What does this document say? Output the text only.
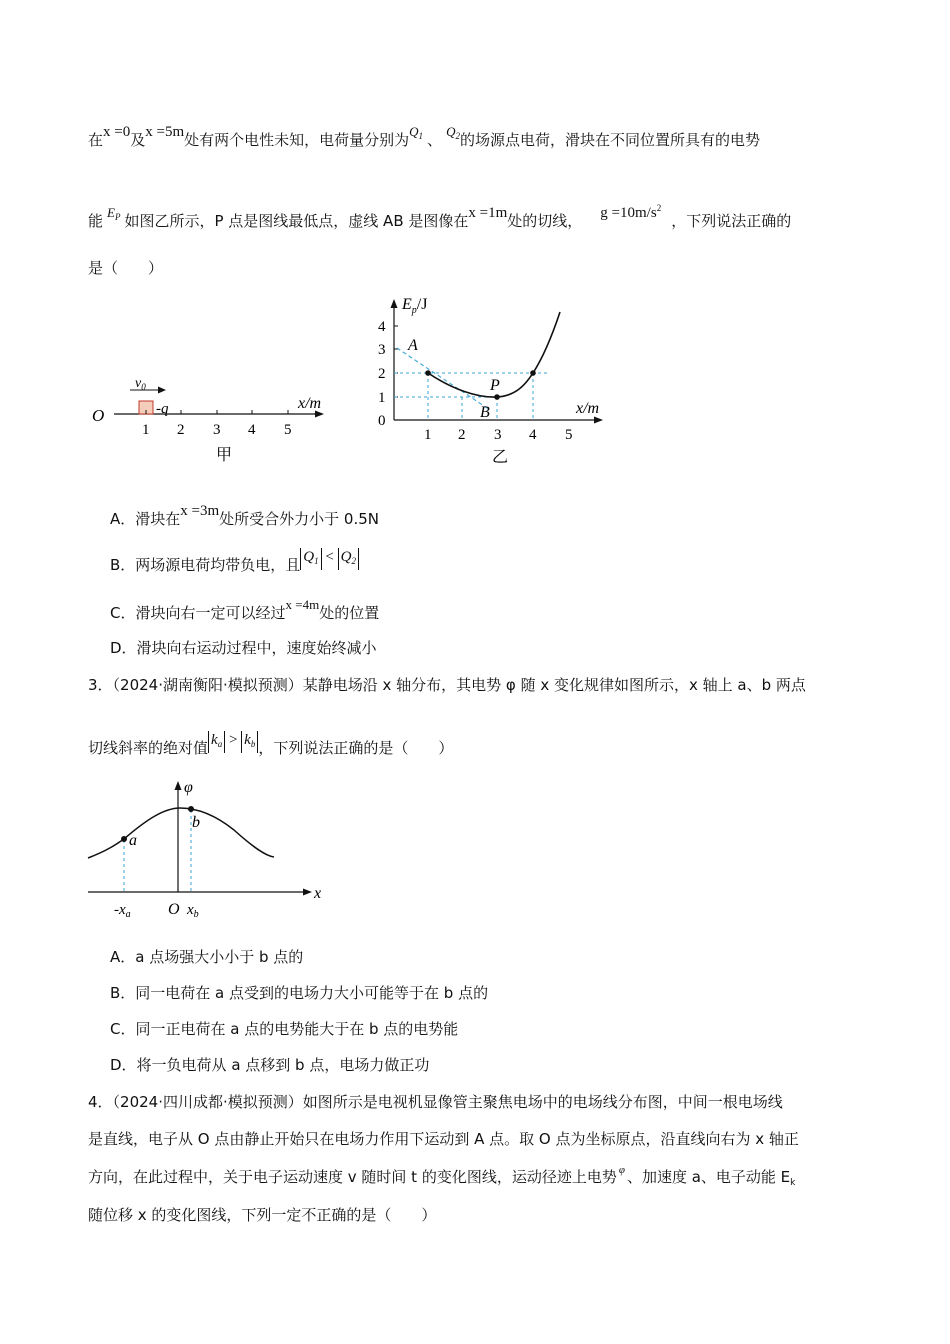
在x =0及x =5m处有两个电性未知，电荷量分别为$Q_1$ 、 $Q_2$的场源点电荷，滑块在不同位置所具有的电势
能 $E_P$ 如图乙所示，P 点是图线最低点，虚线 AB 是图像在x =1m处的切线， $g =10m/s^2$，下列说法正确的
是（　　）
O
$v_0$
-q	x/m
1 2 3 4 5
甲
$E_p/J$
x/m
4
3
2
1
0
1 2 3 4 5
A
P
B
乙
A．滑块在x =3m处所受合外力小于 0.5N
B．两场源电荷均带负电，且 $Q_1 < Q_2$
C．滑块向右一定可以经过x =4m处的位置
D．滑块向右运动过程中，速度始终减小
3．（2024·湖南衡阳·模拟预测）某静电场沿 x 轴分布，其电势 φ 随 x 变化规律如图所示，x 轴上 a、b 两点
切线斜率的绝对值 $k_a > k_b$ ，下列说法正确的是（　　）
φ
a
b
$-x_a$ O $x_b$
x
A．a 点场强大小小于 b 点的
B．同一电荷在 a 点受到的电场力大小可能等于在 b 点的
C．同一正电荷在 a 点的电势能大于在 b 点的电势能
D．将一负电荷从 a 点移到 b 点，电场力做正功
4．（2024·四川成都·模拟预测）如图所示是电视机显像管主聚焦电场中的电场线分布图，中间一根电场线
是直线，电子从 O 点由静止开始只在电场力作用下运动到 A 点。取 O 点为坐标原点，沿直线向右为 x 轴正
方向，在此过程中，关于电子运动速度 v 随时间 t 的变化图线，运动径迹上电势 $^\varphi$ 、加速度 a、电子动能 $E_k$
随位移 x 的变化图线，下列一定不正确的是（　　）
